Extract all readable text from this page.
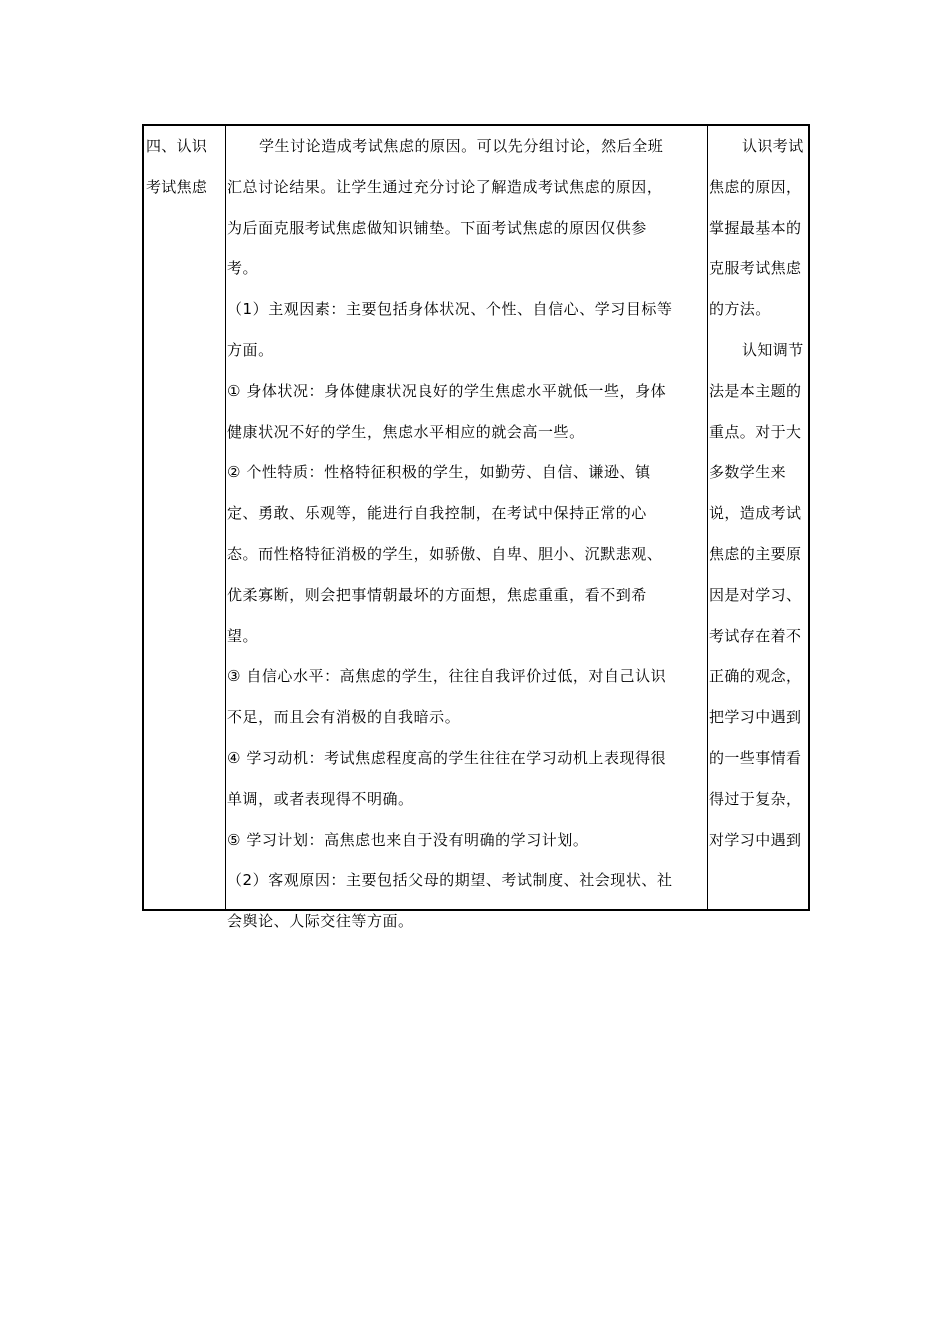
四、认识
考试焦虑
学生讨论造成考试焦虑的原因。可以先分组讨论，然后全班
汇总讨论结果。让学生通过充分讨论了解造成考试焦虑的原因，
为后面克服考试焦虑做知识铺垫。下面考试焦虑的原因仅供参
考。
（1）主观因素：主要包括身体状况、个性、自信心、学习目标等
方面。
① 身体状况：身体健康状况良好的学生焦虑水平就低一些，身体
健康状况不好的学生，焦虑水平相应的就会高一些。
② 个性特质：性格特征积极的学生，如勤劳、自信、谦逊、镇
定、勇敢、乐观等，能进行自我控制，在考试中保持正常的心
态。而性格特征消极的学生，如骄傲、自卑、胆小、沉默悲观、
优柔寡断，则会把事情朝最坏的方面想，焦虑重重，看不到希
望。
③ 自信心水平：高焦虑的学生，往往自我评价过低，对自己认识
不足，而且会有消极的自我暗示。
④ 学习动机：考试焦虑程度高的学生往往在学习动机上表现得很
单调，或者表现得不明确。
⑤ 学习计划：高焦虑也来自于没有明确的学习计划。
（2）客观原因：主要包括父母的期望、考试制度、社会现状、社
会舆论、人际交往等方面。
认识考试
焦虑的原因，
掌握最基本的
克服考试焦虑
的方法。
认知调节
法是本主题的
重点。对于大
多数学生来
说，造成考试
焦虑的主要原
因是对学习、
考试存在着不
正确的观念，
把学习中遇到
的一些事情看
得过于复杂，
对学习中遇到
